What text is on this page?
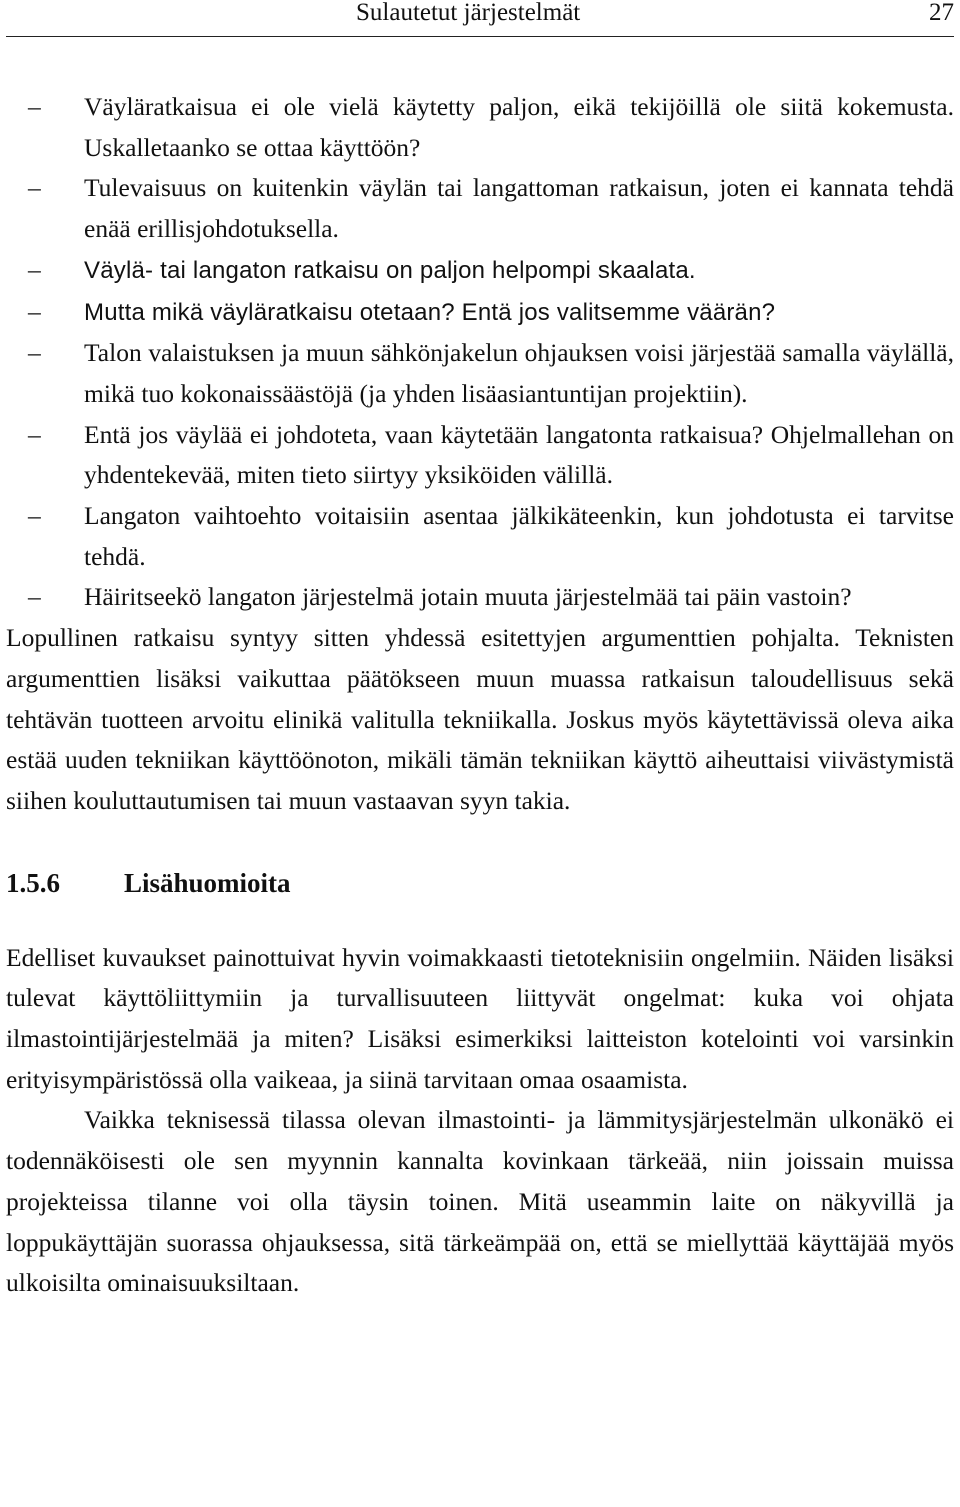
Sulautetut järjestelmät	27
– Väyläratkaisua ei ole vielä käytetty paljon, eikä tekijöillä ole siitä kokemusta. Uskalletaanko se ottaa käyttöön?
– Tulevaisuus on kuitenkin väylän tai langattoman ratkaisun, joten ei kannata tehdä enää erillisjohdotuksella.
– Väylä- tai langaton ratkaisu on paljon helpompi skaalata.
– Mutta mikä väyläratkaisu otetaan? Entä jos valitsemme väärän?
– Talon valaistuksen ja muun sähkönjakelun ohjauksen voisi järjestää samalla väylällä, mikä tuo kokonaissäästöjä (ja yhden lisäasiantuntijan projektiin).
– Entä jos väylää ei johdoteta, vaan käytetään langatonta ratkaisua? Ohjelmallehan on yhdentekevää, miten tieto siirtyy yksiköiden välillä.
– Langaton vaihtoehto voitaisiin asentaa jälkikäteenkin, kun johdotusta ei tarvitse tehdä.
– Häiritseekö langaton järjestelmä jotain muuta järjestelmää tai päin vastoin?

Lopullinen ratkaisu syntyy sitten yhdessä esitettyjen argumenttien pohjalta. Teknisten argumenttien lisäksi vaikuttaa päätökseen muun muassa ratkaisun taloudellisuus sekä tehtävän tuotteen arvoitu elinikä valitulla tekniikalla. Joskus myös käytettävissä oleva aika estää uuden tekniikan käyttöönoton, mikäli tämän tekniikan käyttö aiheuttaisi viivästymistä siihen kouluttautumisen tai muun vastaavan syyn takia.

1.5.6 Lisähuomioita

Edelliset kuvaukset painottuivat hyvin voimakkaasti tietoteknisiin ongelmiin. Näiden lisäksi tulevat käyttöliittymiin ja turvallisuuteen liittyvät ongelmat: kuka voi ohjata ilmastointijärjestelmää ja miten? Lisäksi esimerkiksi laitteiston kotelointi voi varsinkin erityisympäristössä olla vaikeaa, ja siinä tarvitaan omaa osaamista.

Vaikka teknisessä tilassa olevan ilmastointi- ja lämmitysjärjestelmän ulkonäkö ei todennäköisesti ole sen myynnin kannalta kovinkaan tärkeää, niin joissain muissa projekteissa tilanne voi olla täysin toinen. Mitä useammin laite on näkyvillä ja loppukäyttäjän suorassa ohjauksessa, sitä tärkeämpää on, että se miellyttää käyttäjää myös ulkoisilta ominaisuuksiltaan.
